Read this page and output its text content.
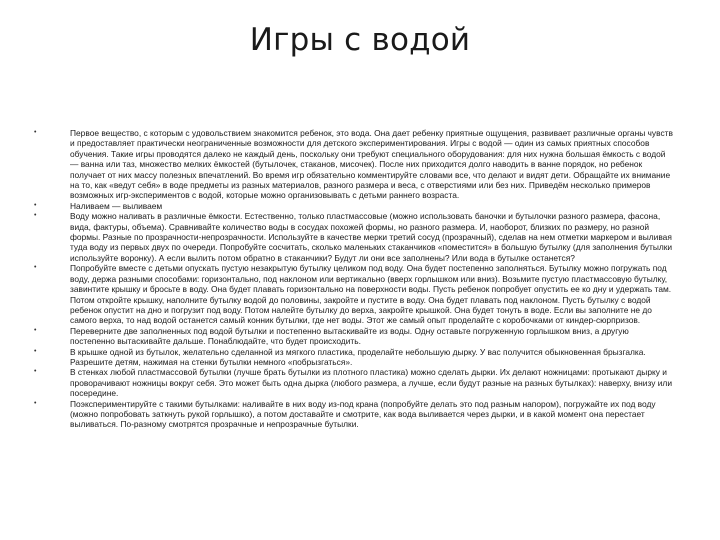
Игры с водой
•	Первое вещество, с которым с удовольствием знакомится ребенок, это вода. Она дает ребенку приятные ощущения, развивает различные органы чувств и предоставляет практически неограниченные возможности для детского экспериментирования. Игры с водой — один из самых приятных способов обучения. Такие игры проводятся далеко не каждый день, поскольку они требуют специального оборудования: для них нужна большая ёмкость с водой — ванна или таз, множество мелких ёмкостей (бутылочек, стаканов, мисочек). После них приходится долго наводить в ванне порядок, но ребенок получает от них массу полезных впечатлений. Во время игр обязательно комментируйте словами все, что делают и видят дети. Обращайте их внимание на то, как «ведут себя» в воде предметы из разных материалов, разного размера и веса, с отверстиями или без них. Приведём несколько примеров возможных игр-экспериментов с водой, которые можно организовывать с детьми раннего возраста.
•	Наливаем — выливаем
•	Воду можно наливать в различные ёмкости. Естественно, только пластмассовые (можно использовать баночки и бутылочки разного размера, фасона, вида, фактуры, объема). Сравнивайте количество воды в сосудах похожей формы, но разного размера. И, наоборот, близких по размеру, но разной формы. Разные по прозрачности-непрозрачности. Используйте в качестве мерки третий сосуд (прозрачный), сделав на нем отметки маркером и выливая туда воду из первых двух по очереди. Попробуйте сосчитать, сколько маленьких стаканчиков «поместится» в большую бутылку (для заполнения бутылки используйте воронку). А если вылить потом обратно в стаканчики? Будут ли они все заполнены? Или вода в бутылке останется?
•	Попробуйте вместе с детьми опускать пустую незакрытую бутылку целиком под воду. Она будет постепенно заполняться. Бутылку можно погружать под воду, держа разными способами: горизонтально, под наклоном или вертикально (вверх горлышком или вниз). Возьмите пустую пластмассовую бутылку, завинтите крышку и бросьте в воду. Она будет плавать горизонтально на поверхности воды. Пусть ребенок попробует опустить ее ко дну и удержать там. Потом откройте крышку, наполните бутылку водой до половины, закройте и пустите в воду. Она будет плавать под наклоном. Пусть бутылку с водой ребенок опустит на дно и погрузит под воду. Потом налейте бутылку до верха, закройте крышкой. Она будет тонуть в воде. Если вы заполните не до самого верха, то над водой останется самый конник бутылки, где нет воды. Этот же самый опыт проделайте с коробочками от киндер-сюрпризов.
•	Переверните две заполненных под водой бутылки и постепенно вытаскивайте из воды. Одну оставьте погруженную горлышком вниз, а другую постепенно вытаскивайте дальше. Понаблюдайте, что будет происходить.
•	В крышке одной из бутылок, желательно сделанной из мягкого пластика, проделайте небольшую дырку. У вас получится обыкновенная брызгалка. Разрешите детям, нажимая на стенки бутылки немного «побрызгаться».
•	В стенках любой пластмассовой бутылки (лучше брать бутылки из плотного пластика) можно сделать дырки. Их делают ножницами: протыкают дырку и проворачивают ножницы вокруг себя. Это может быть одна дырка (любого размера, а лучше, если будут разные на разных бутылках): наверху, внизу или посередине.
•	Поэкспериментируйте с такими бутылками: наливайте в них воду из-под крана (попробуйте делать это под разным напором), погружайте их под воду (можно попробовать заткнуть рукой горлышко), а потом доставайте и смотрите, как вода выливается через дырки, и в какой момент она перестает выливаться. По-разному смотрятся прозрачные и непрозрачные бутылки.
